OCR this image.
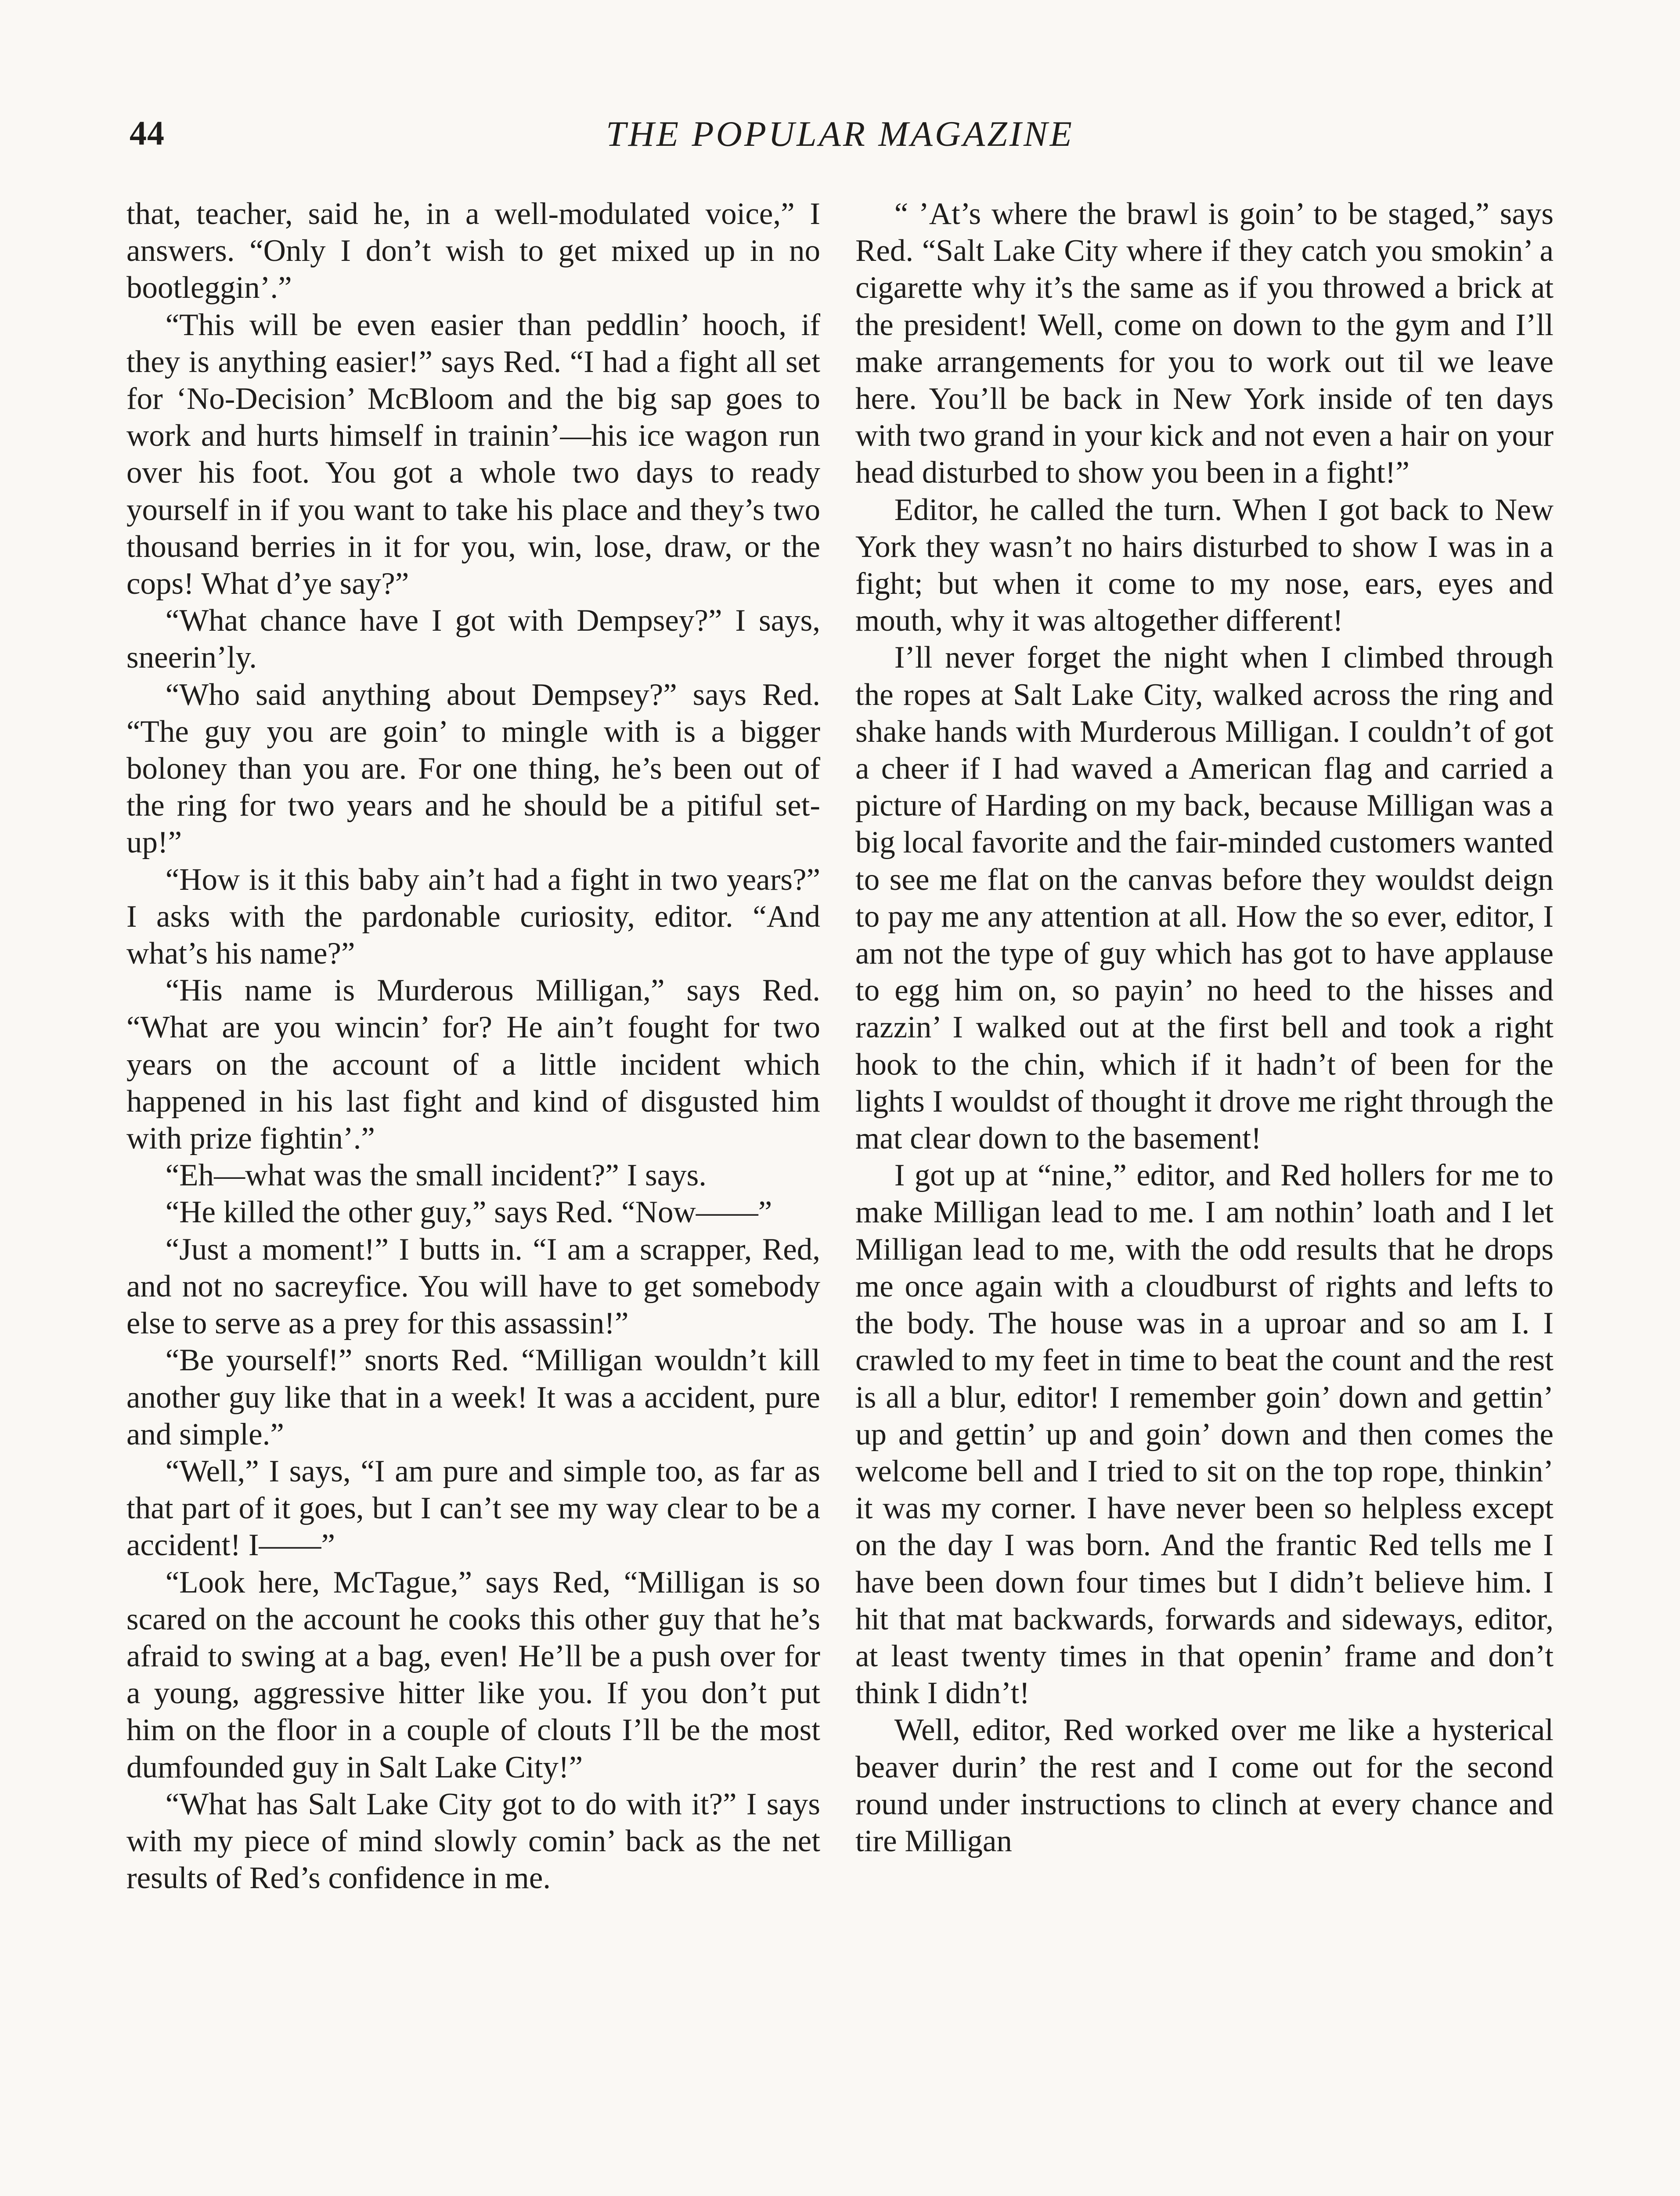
44	THE POPULAR MAGAZINE

that, teacher, said he, in a well-modulated voice,” I answers. “Only I don’t wish to get mixed up in no bootleggin’.”

“This will be even easier than peddlin’ hooch, if they is anything easier!” says Red. “I had a fight all set for ‘No-Decision’ McBloom and the big sap goes to work and hurts himself in trainin’—his ice wagon run over his foot. You got a whole two days to ready yourself in if you want to take his place and they’s two thousand berries in it for you, win, lose, draw, or the cops! What d’ye say?”

“What chance have I got with Dempsey?” I says, sneerin’ly.

“Who said anything about Dempsey?” says Red. “The guy you are goin’ to mingle with is a bigger boloney than you are. For one thing, he’s been out of the ring for two years and he should be a pitiful set-up!”

“How is it this baby ain’t had a fight in two years?” I asks with the pardonable curiosity, editor. “And what’s his name?”

“His name is Murderous Milligan,” says Red. “What are you wincin’ for? He ain’t fought for two years on the account of a little incident which happened in his last fight and kind of disgusted him with prize fightin’.”

“Eh—what was the small incident?” I says.

“He killed the other guy,” says Red. “Now——”

“Just a moment!” I butts in. “I am a scrapper, Red, and not no sacreyfice. You will have to get somebody else to serve as a prey for this assassin!”

“Be yourself!” snorts Red. “Milligan wouldn’t kill another guy like that in a week! It was a accident, pure and simple.”

“Well,” I says, “I am pure and simple too, as far as that part of it goes, but I can’t see my way clear to be a accident! I——”

“Look here, McTague,” says Red, “Milligan is so scared on the account he cooks this other guy that he’s afraid to swing at a bag, even! He’ll be a push over for a young, aggressive hitter like you. If you don’t put him on the floor in a couple of clouts I’ll be the most dumfounded guy in Salt Lake City!”

“What has Salt Lake City got to do with it?” I says with my piece of mind slowly comin’ back as the net results of Red’s confidence in me.

“ ’At’s where the brawl is goin’ to be staged,” says Red. “Salt Lake City where if they catch you smokin’ a cigarette why it’s the same as if you throwed a brick at the president! Well, come on down to the gym and I’ll make arrangements for you to work out til we leave here. You’ll be back in New York inside of ten days with two grand in your kick and not even a hair on your head disturbed to show you been in a fight!”

Editor, he called the turn. When I got back to New York they wasn’t no hairs disturbed to show I was in a fight; but when it come to my nose, ears, eyes and mouth, why it was altogether different!

I’ll never forget the night when I climbed through the ropes at Salt Lake City, walked across the ring and shake hands with Murderous Milligan. I couldn’t of got a cheer if I had waved a American flag and carried a picture of Harding on my back, because Milligan was a big local favorite and the fair-minded customers wanted to see me flat on the canvas before they wouldst deign to pay me any attention at all. How the so ever, editor, I am not the type of guy which has got to have applause to egg him on, so payin’ no heed to the hisses and razzin’ I walked out at the first bell and took a right hook to the chin, which if it hadn’t of been for the lights I wouldst of thought it drove me right through the mat clear down to the basement!

I got up at “nine,” editor, and Red hollers for me to make Milligan lead to me. I am nothin’ loath and I let Milligan lead to me, with the odd results that he drops me once again with a cloudburst of rights and lefts to the body. The house was in a uproar and so am I. I crawled to my feet in time to beat the count and the rest is all a blur, editor! I remember goin’ down and gettin’ up and gettin’ up and goin’ down and then comes the welcome bell and I tried to sit on the top rope, thinkin’ it was my corner. I have never been so helpless except on the day I was born. And the frantic Red tells me I have been down four times but I didn’t believe him. I hit that mat backwards, forwards and sideways, editor, at least twenty times in that openin’ frame and don’t think I didn’t!

Well, editor, Red worked over me like a hysterical beaver durin’ the rest and I come out for the second round under instructions to clinch at every chance and tire Milligan
